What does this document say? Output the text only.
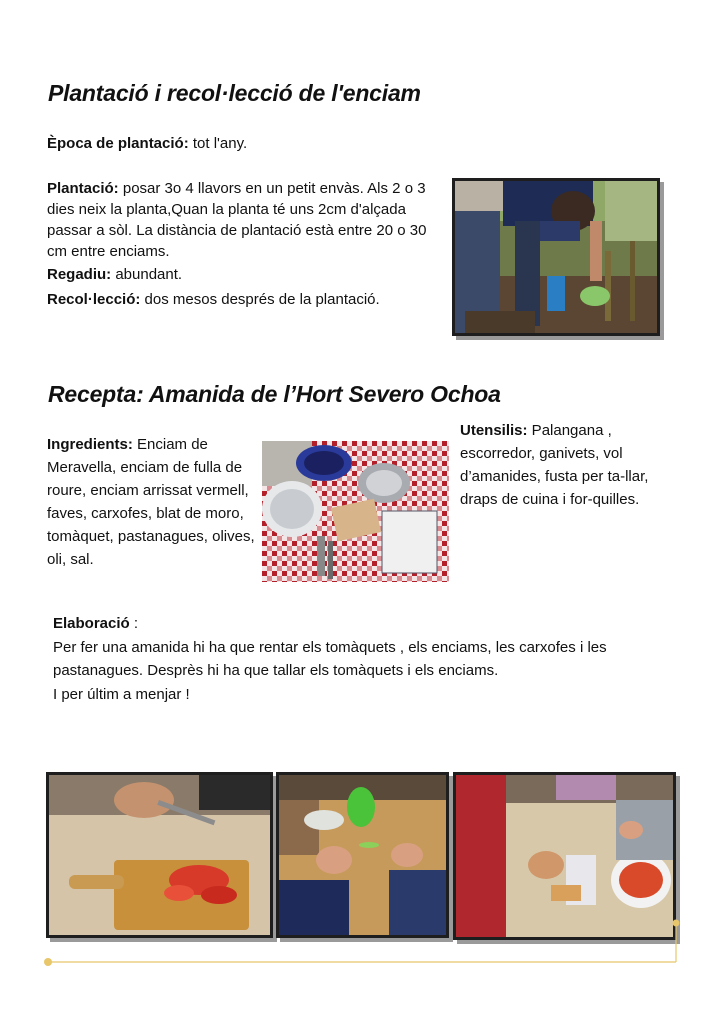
Plantació i recol·lecció de l'enciam

Època de plantació: tot l'any.

Plantació: posar 3o 4 llavors en un petit envàs. Als 2 o 3 dies neix la planta,Quan la planta té uns 2cm d'alçada passar a sòl. La distància de plantació està entre 20 o 30 cm entre enciams.

Regadiu: abundant.

Recol·lecció: dos mesos després de la plantació.

Recepta: Amanida de l’Hort Severo Ochoa

Ingredients: Enciam de Meravella, enciam de fulla de roure, enciam arrissat vermell, faves, carxofes, blat de moro, tomàquet, pastanagues, olives, oli, sal.

Utensilis: Palangana , escorredor, ganivets, vol d’amanides, fusta per ta-llar, draps de cuina i for-quilles.

Elaboració :

Per fer una amanida hi ha que rentar els tomàquets , els enciams, les carxofes i les pastanagues. Desprès hi ha que tallar els tomàquets i els enciams.

I per últim a menjar !
